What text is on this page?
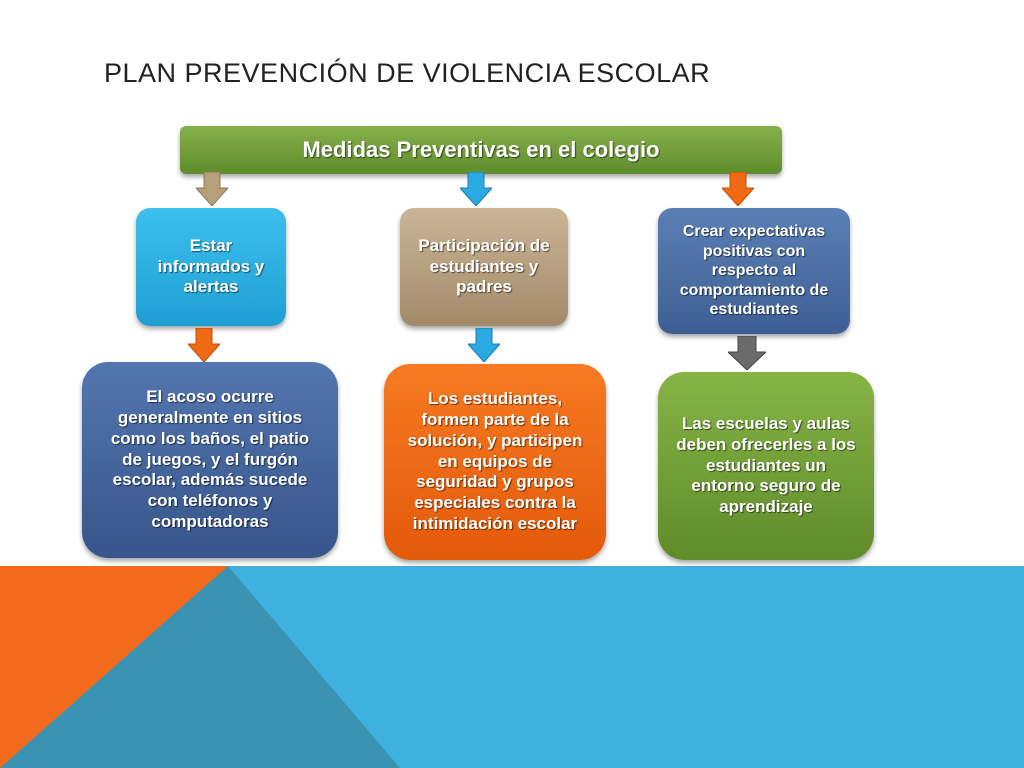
PLAN PREVENCIÓN DE VIOLENCIA ESCOLAR
Medidas Preventivas en el colegio
Estar informados y alertas
Participación de estudiantes y padres
Crear expectativas positivas con respecto al comportamiento de estudiantes
El acoso ocurre generalmente en sitios como los baños, el patio de juegos, y el furgón escolar, además sucede con teléfonos y computadoras
Los estudiantes, formen parte de la solución, y participen en equipos de seguridad y grupos especiales contra la intimidación escolar
Las escuelas y aulas deben ofrecerles a los estudiantes un entorno seguro de aprendizaje
